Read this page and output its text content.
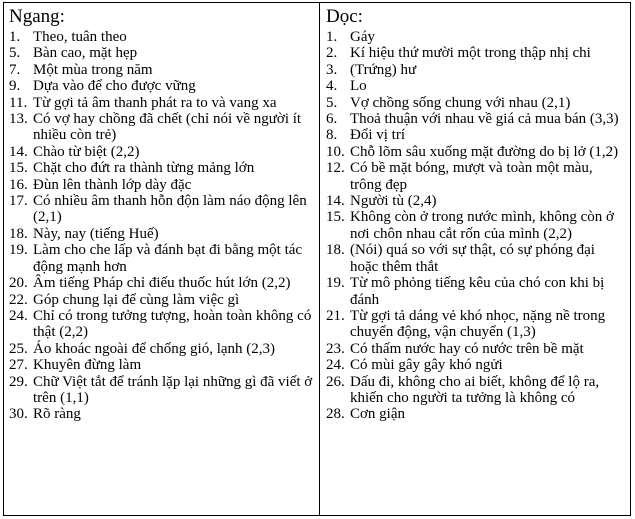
Ngang:
1. Theo, tuân theo
5. Bàn cao, mặt hẹp
7. Một mùa trong năm
9. Dựa vào để cho được vững
11. Từ gợi tả âm thanh phát ra to và vang xa
13. Có vợ hay chồng đã chết (chỉ nói về người ít nhiều còn trẻ)
14. Chào từ biệt (2,2)
15. Chặt cho đứt ra thành từng mảng lớn
16. Đùn lên thành lớp dày đặc
17. Có nhiều âm thanh hỗn độn làm náo động lên (2,1)
18. Này, nay (tiếng Huế)
19. Làm cho che lấp và đánh bạt đi bằng một tác động mạnh hơn
20. Âm tiếng Pháp chỉ điếu thuốc hút lớn (2,2)
22. Góp chung lại để cùng làm việc gì
24. Chỉ có trong tưởng tượng, hoàn toàn không có thật (2,2)
25. Áo khoác ngoài để chống gió, lạnh (2,3)
27. Khuyên đừng làm
29. Chữ Việt tắt để tránh lặp lại những gì đã viết ở trên (1,1)
30. Rõ ràng
Dọc:
1. Gáy
2. Kí hiệu thứ mười một trong thập nhị chi
3. (Trứng) hư
4. Lo
5. Vợ chồng sống chung với nhau (2,1)
6. Thoả thuận với nhau về giá cả mua bán (3,3)
8. Đổi vị trí
10. Chỗ lõm sâu xuống mặt đường do bị lở (1,2)
12. Có bề mặt bóng, mượt và toàn một màu, trông đẹp
14. Người tù (2,4)
15. Không còn ở trong nước mình, không còn ở nơi chôn nhau cắt rốn của mình (2,2)
18. (Nói) quá so với sự thật, có sự phóng đại hoặc thêm thắt
19. Từ mô phỏng tiếng kêu của chó con khi bị đánh
21. Từ gợi tả dáng vẻ khó nhọc, nặng nề trong chuyển động, vận chuyển (1,3)
23. Có thấm nước hay có nước trên bề mặt
24. Có mùi gây gây khó ngửi
26. Dấu đi, không cho ai biết, không để lộ ra, khiến cho người ta tưởng là không có
28. Cơn giận
